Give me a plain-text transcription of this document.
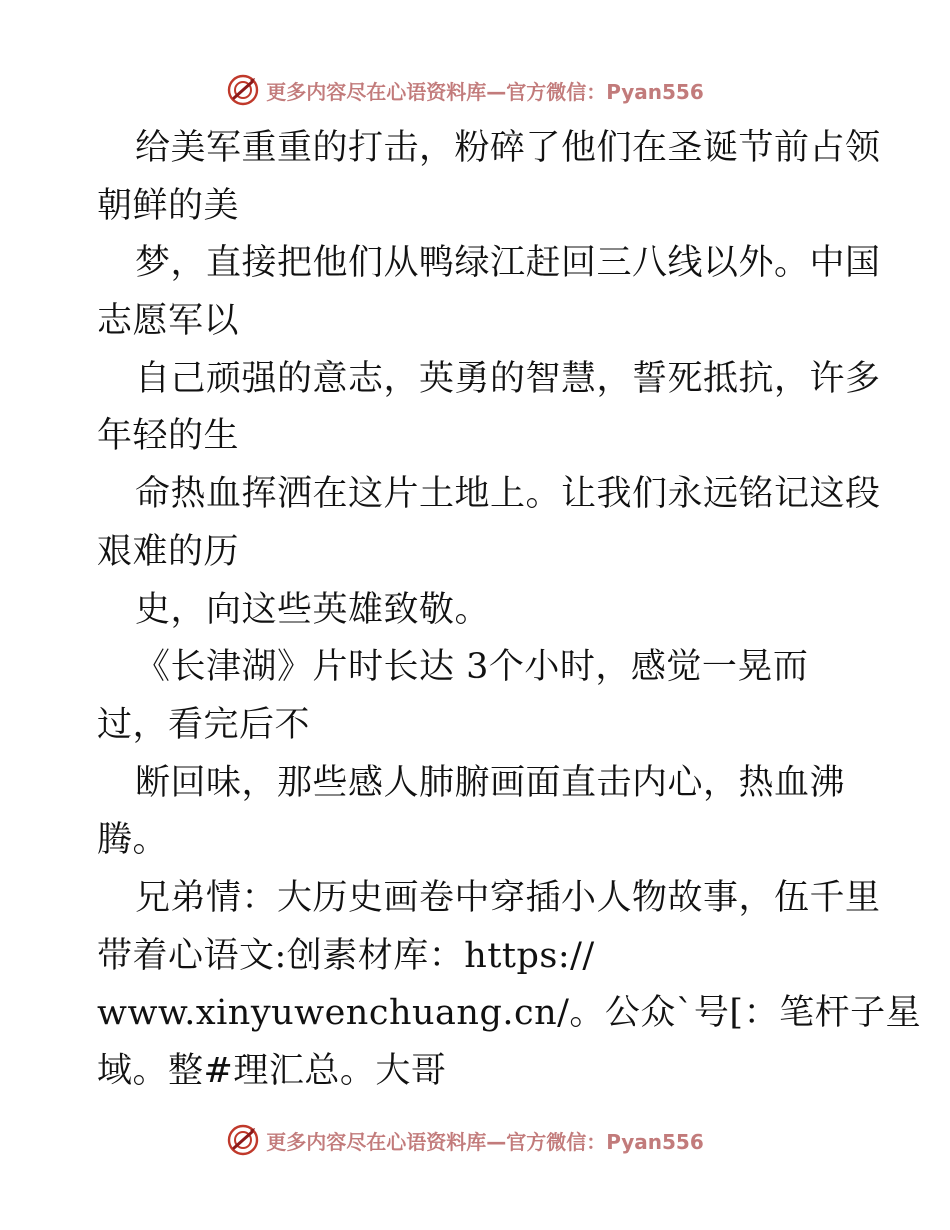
更多内容尽在心语资料库—官方微信：Pyan556
给美军重重的打击，粉碎了他们在圣诞节前占领
朝鲜的美
梦，直接把他们从鸭绿江赶回三八线以外。中国
志愿军以
自己顽强的意志，英勇的智慧，誓死抵抗，许多
年轻的生
命热血挥洒在这片土地上。让我们永远铭记这段
艰难的历
史，向这些英雄致敬。
《长津湖》片时长达 3个小时，感觉一晃而
过，看完后不
断回味，那些感人肺腑画面直击内心，热血沸
腾。
兄弟情：大历史画卷中穿插小人物故事，伍千里
带着心语文:创素材库：https://
www.xinyuwenchuang.cn/。公众`号[：笔杆子星
域。整#理汇总。大哥
更多内容尽在心语资料库—官方微信：Pyan556
